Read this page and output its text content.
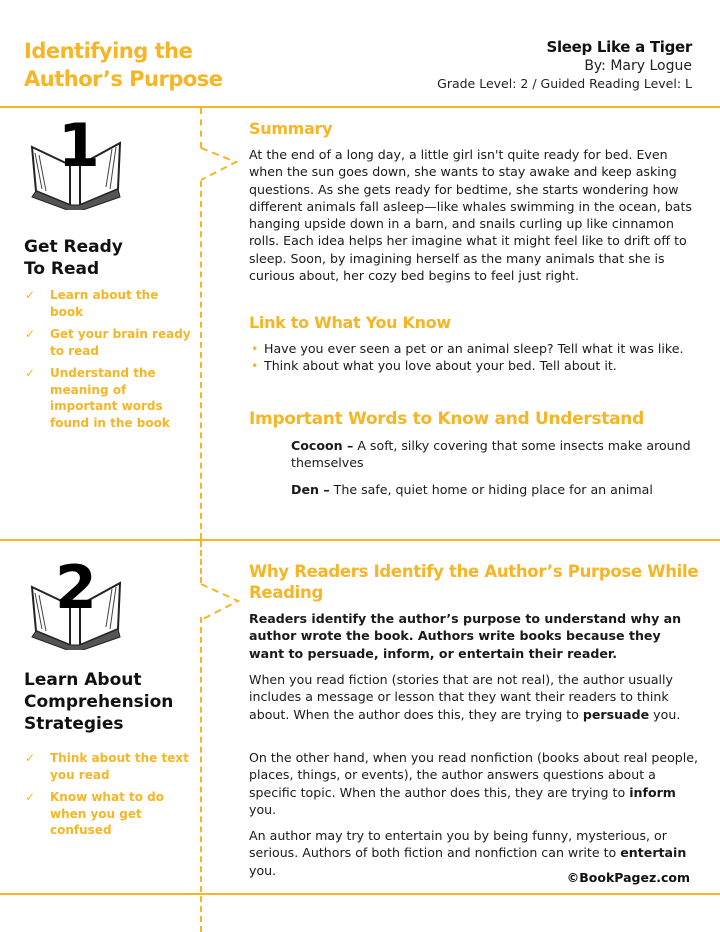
Identifying the
Author’s Purpose
Sleep Like a Tiger
By: Mary Logue
Grade Level: 2 / Guided Reading Level: L
1
Get Ready
To Read
✓ Learn about the book
✓ Get your brain ready to read
✓ Understand the meaning of important words found in the book
Summary

At the end of a long day, a little girl isn't quite ready for bed. Even when the sun goes down, she wants to stay awake and keep asking questions. As she gets ready for bedtime, she starts wondering how different animals fall asleep—like whales swimming in the ocean, bats hanging upside down in a barn, and snails curling up like cinnamon rolls. Each idea helps her imagine what it might feel like to drift off to sleep. Soon, by imagining herself as the many animals that she is curious about, her cozy bed begins to feel just right.

Link to What You Know
• Have you ever seen a pet or an animal sleep? Tell what it was like.
• Think about what you love about your bed. Tell about it.
Important Words to Know and Understand

Cocoon – A soft, silky covering that some insects make around themselves

Den – The safe, quiet home or hiding place for an animal

2
Learn About
Comprehension
Strategies
✓ Think about the text you read
✓ Know what to do when you get confused
Why Readers Identify the Author’s Purpose While Reading

Readers identify the author’s purpose to understand why an author wrote the book. Authors write books because they want to persuade, inform, or entertain their reader.

When you read fiction (stories that are not real), the author usually includes a message or lesson that they want their readers to think about. When the author does this, they are trying to persuade you.

On the other hand, when you read nonfiction (books about real people, places, things, or events), the author answers questions about a specific topic. When the author does this, they are trying to inform you.

An author may try to entertain you by being funny, mysterious, or serious. Authors of both fiction and nonfiction can write to entertain you.	©BookPagez.com
